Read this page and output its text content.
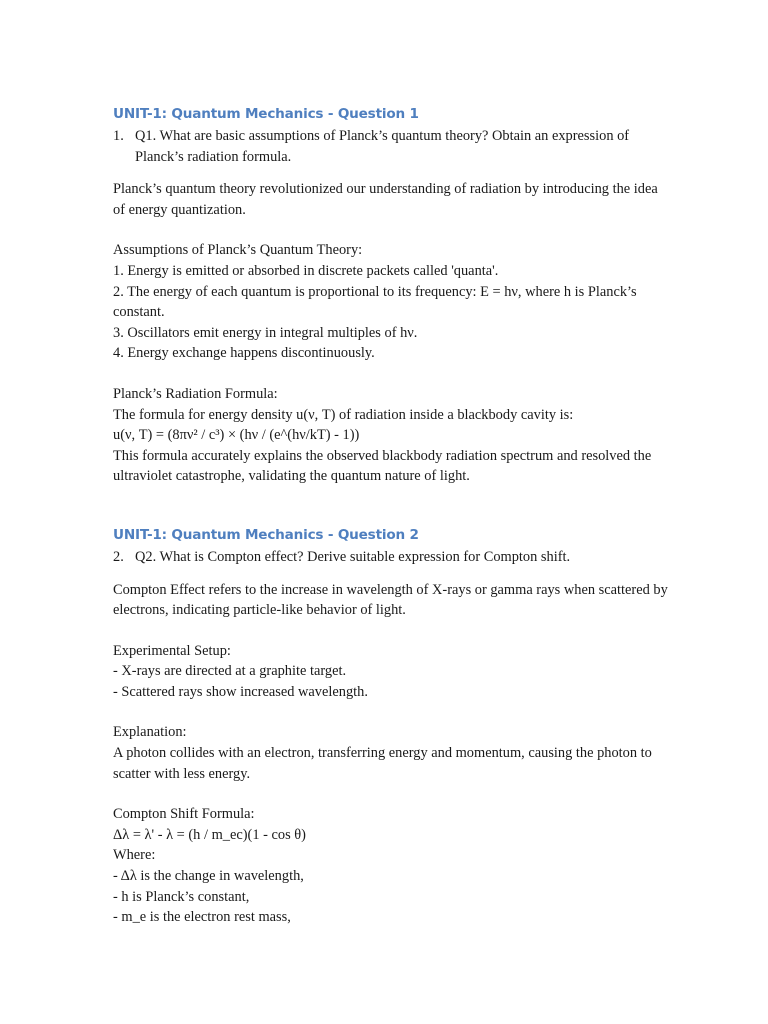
UNIT-1: Quantum Mechanics - Question 1
1. Q1. What are basic assumptions of Planck’s quantum theory? Obtain an expression of Planck’s radiation formula.

Planck’s quantum theory revolutionized our understanding of radiation by introducing the idea of energy quantization.

Assumptions of Planck’s Quantum Theory:

1. Energy is emitted or absorbed in discrete packets called 'quanta'.
2. The energy of each quantum is proportional to its frequency: E = hν, where h is Planck’s constant.
3. Oscillators emit energy in integral multiples of hν.
4. Energy exchange happens discontinuously.

Planck’s Radiation Formula:

The formula for energy density u(ν, T) of radiation inside a blackbody cavity is:

u(ν, T) = (8πν² / c³) × (hν / (e^(hν/kT) - 1))

This formula accurately explains the observed blackbody radiation spectrum and resolved the ultraviolet catastrophe, validating the quantum nature of light.

UNIT-1: Quantum Mechanics - Question 2
2. Q2. What is Compton effect? Derive suitable expression for Compton shift.

Compton Effect refers to the increase in wavelength of X-rays or gamma rays when scattered by electrons, indicating particle-like behavior of light.

Experimental Setup:

- X-rays are directed at a graphite target.
- Scattered rays show increased wavelength.

Explanation:

A photon collides with an electron, transferring energy and momentum, causing the photon to scatter with less energy.

Compton Shift Formula:

Δλ = λ' - λ = (h / m_ec)(1 - cos θ)

Where:

- Δλ is the change in wavelength,
- h is Planck’s constant,
- m_e is the electron rest mass,
